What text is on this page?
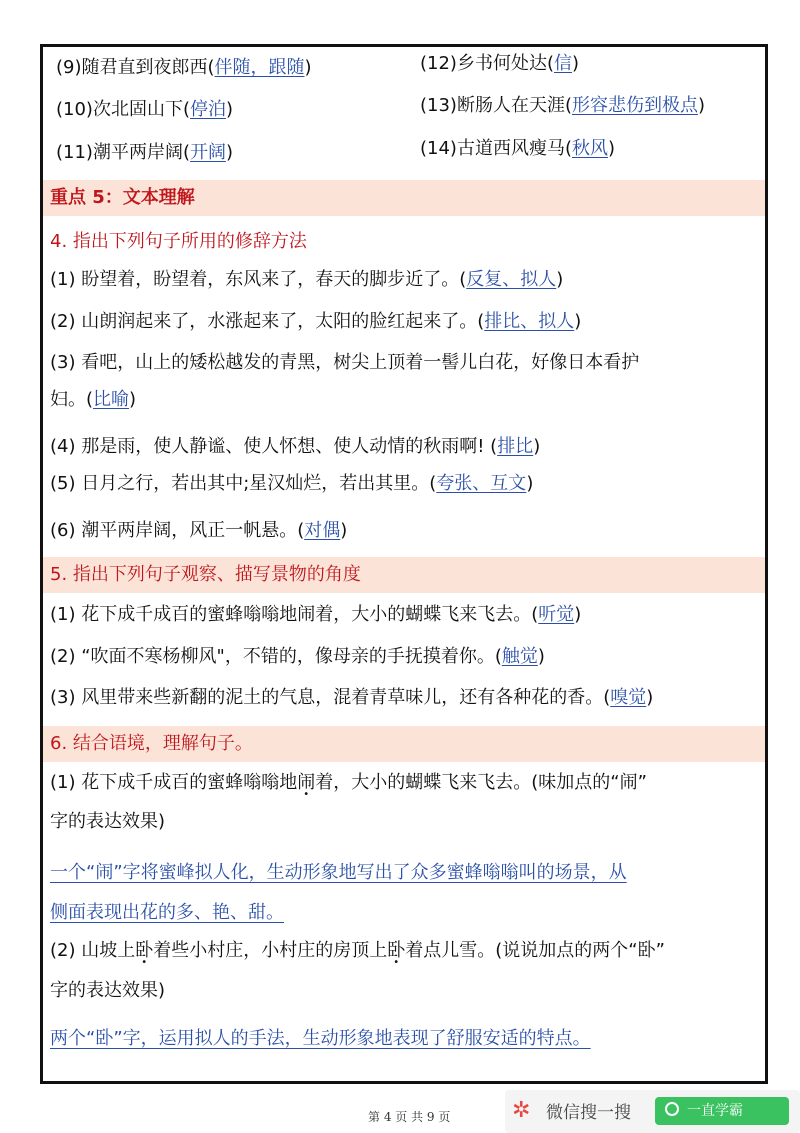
(9)随君直到夜郎西(伴随，跟随)
(10)次北固山下(停泊)
(11)潮平两岸阔(开阔)
(12)乡书何处达(信)
(13)断肠人在天涯(形容悲伤到极点)
(14)古道西风瘦马(秋风)
重点 5：文本理解
4. 指出下列句子所用的修辞方法
(1) 盼望着，盼望着，东风来了，春天的脚步近了。(反复、拟人)
(2) 山朗润起来了，水涨起来了，太阳的脸红起来了。(排比、拟人)
(3) 看吧，山上的矮松越发的青黑，树尖上顶着一髻儿白花，好像日本看护
妇。(比喻)
(4) 那是雨，使人静谧、使人怀想、使人动情的秋雨啊! (排比)
(5) 日月之行，若出其中;星汉灿烂，若出其里。(夸张、互文)
(6) 潮平两岸阔，风正一帆悬。(对偶)
5. 指出下列句子观察、描写景物的角度
(1) 花下成千成百的蜜蜂嗡嗡地闹着，大小的蝴蝶飞来飞去。(听觉)
(2) “吹面不寒杨柳风"，不错的，像母亲的手抚摸着你。(触觉)
(3) 风里带来些新翻的泥土的气息，混着青草味儿，还有各种花的香。(嗅觉)
6. 结合语境，理解句子。
(1) 花下成千成百的蜜蜂嗡嗡地闹着，大小的蝴蝶飞来飞去。(味加点的“闹”
字的表达效果)
一个“闹”字将蜜峰拟人化，生动形象地写出了众多蜜蜂嗡嗡叫的场景，从
侧面表现出花的多、艳、甜。
(2) 山坡上卧着些小村庄，小村庄的房顶上卧着点儿雪。(说说加点的两个“卧”
字的表达效果)
两个“卧”字，运用拟人的手法，生动形象地表现了舒服安适的特点。
第 4 页 共 9 页	✲ 微信搜一搜	一直学霸
